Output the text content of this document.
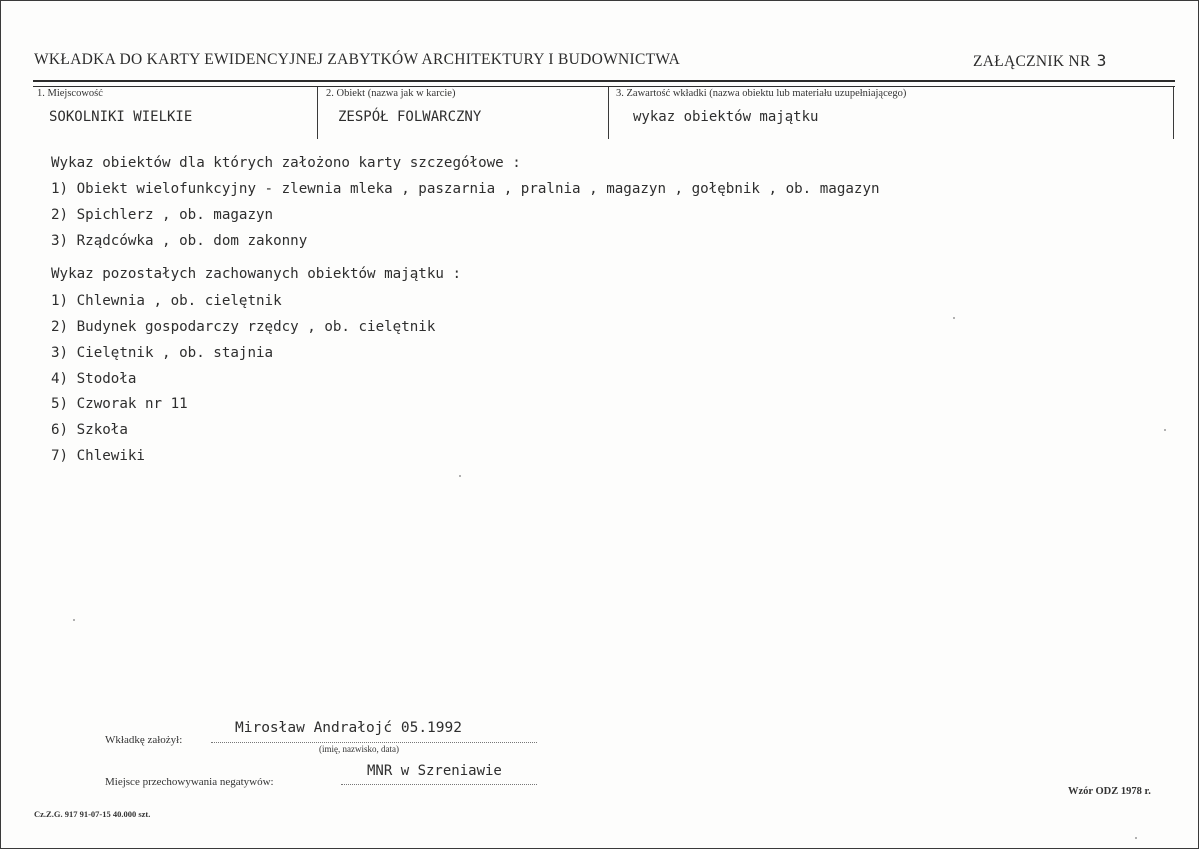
WKŁADKA DO KARTY EWIDENCYJNEJ ZABYTKÓW ARCHITEKTURY I BUDOWNICTWA	ZAŁĄCZNIK NR 3
1. Miejscowość
SOKOLNIKI WIELKIE
2. Obiekt (nazwa jak w karcie)
ZESPÓŁ FOLWARCZNY
3. Zawartość wkładki (nazwa obiektu lub materiału uzupełniającego)
wykaz obiektów majątku
Wykaz obiektów dla których założono karty szczegółowe :
1) Obiekt wielofunkcyjny - zlewnia mleka , paszarnia , pralnia , magazyn , gołębnik , ob. magazyn
2) Spichlerz , ob. magazyn
3) Rządcówka , ob. dom zakonny
Wykaz pozostałych zachowanych obiektów majątku :
1) Chlewnia , ob. cielętnik
2) Budynek gospodarczy rzędcy , ob. cielętnik
3) Cielętnik , ob. stajnia
4) Stodoła
5) Czworak nr 11
6) Szkoła
7) Chlewiki
Wkładkę założył:
Mirosław Andrałojć 05.1992
(imię, nazwisko, data)
Miejsce przechowywania negatywów:
MNR w Szreniawie
Cz.Z.G. 917 91-07-15 40.000 szt.
Wzór ODZ 1978 r.
